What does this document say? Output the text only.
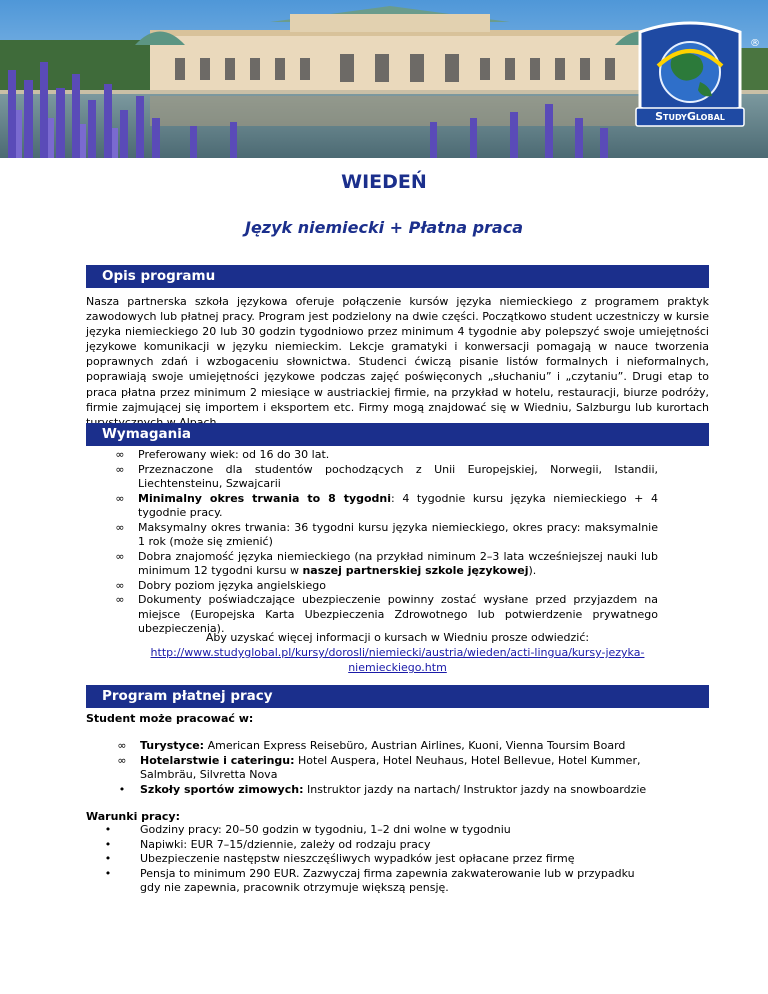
StudyGlobal
®
WIEDEŃ
Język niemiecki + Płatna praca
Opis programu
Nasza partnerska szkoła językowa oferuje połączenie kursów języka niemieckiego z programem praktyk zawodowych lub płatnej pracy. Program jest podzielony na dwie części. Początkowo student uczestniczy w kursie języka niemieckiego 20 lub 30 godzin tygodniowo przez minimum 4 tygodnie aby polepszyć swoje umiejętności językowe komunikacji w języku niemieckim. Lekcje gramatyki i konwersacji pomagają w nauce tworzenia poprawnych zdań i wzbogaceniu słownictwa. Studenci ćwiczą pisanie listów formalnych i nieformalnych, poprawiają swoje umiejętności językowe podczas zajęć poświęconych „słuchaniu” i „czytaniu”. Drugi etap to praca płatna przez minimum 2 miesiące w austriackiej firmie, na przykład w hotelu, restauracji, biurze podróży, firmie zajmującej się importem i eksportem etc. Firmy mogą znajdować się w Wiedniu, Salzburgu lub kurortach
Wymagania
∞ Preferowany wiek: od 16 do 30 lat.
∞ Przeznaczone dla studentów pochodzących z Unii Europejskiej, Norwegii, Istandii, Liechtensteinu, Szwajcarii
∞ Minimalny okres trwania to 8 tygodni: 4 tygodnie kursu języka niemieckiego + 4 tygodnie pracy.
∞ Maksymalny okres trwania: 36 tygodni kursu języka niemieckiego, okres pracy: maksymalnie 1 rok (może się zmienić)
∞ Dobra znajomość języka niemieckiego (na przykład niminum 2–3 lata wcześniejszej nauki lub minimum 12 tygodni kursu w naszej partnerskiej szkole językowej).
∞ Dobry poziom języka angielskiego
∞ Dokumenty poświadczające ubezpieczenie powinny zostać wysłane przed przyjazdem na miejsce (Europejska Karta Ubezpieczenia Zdrowotnego lub potwierdzenie prywatnego ubezpieczenia).
Aby uzyskać więcej informacji o kursach w Wiedniu prosze odwiedzić:
http://www.studyglobal.pl/kursy/dorosli/niemiecki/austria/wieden/acti-lingua/kursy-jezyka-niemieckiego.htm
Program płatnej pracy
Student może pracować w:
∞ Turystyce: American Express Reisebüro, Austrian Airlines, Kuoni, Vienna Toursim Board
∞ Hotelarstwie i cateringu: Hotel Auspera, Hotel Neuhaus, Hotel Bellevue, Hotel Kummer, Salmbräu, Silvretta Nova
• Szkoły sportów zimowych: Instruktor jazdy na nartach/ Instruktor jazdy na snowboardzie
Warunki pracy:
•	Godziny pracy: 20–50 godzin w tygodniu, 1–2 dni wolne w tygodniu
•	Napiwki: EUR 7–15/dziennie, zależy od rodzaju pracy
•	Ubezpieczenie następstw nieszczęśliwych wypadków jest opłacane przez firmę
•	Pensja to minimum 290 EUR. Zazwyczaj firma zapewnia zakwaterowanie lub w przypadku gdy nie zapewnia, pracownik otrzymuje większą pensję.
